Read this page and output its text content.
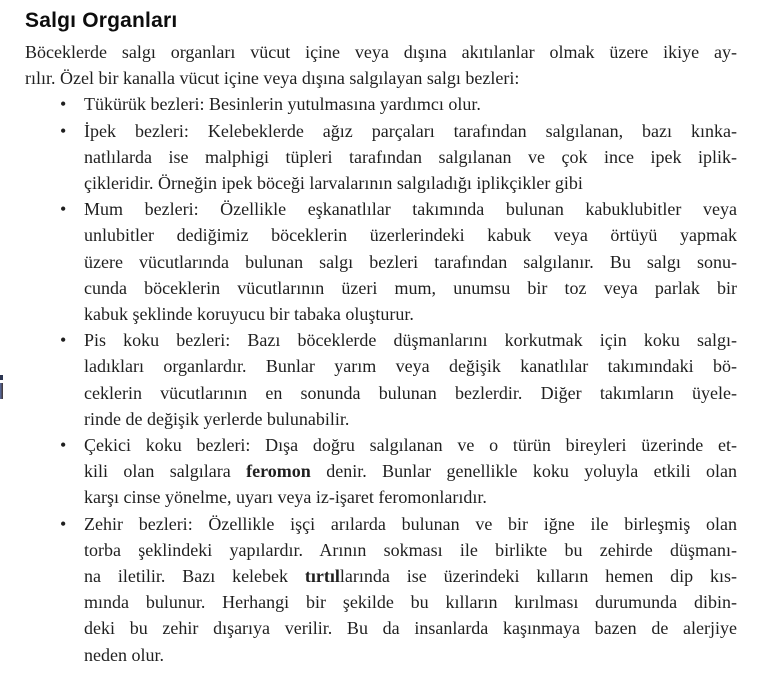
Salgı Organları
Böceklerde salgı organları vücut içine veya dışına akıtılanlar olmak üzere ikiye ay-
rılır. Özel bir kanalla vücut içine veya dışına salgılayan salgı bezleri:
• Tükürük bezleri: Besinlerin yutulmasına yardımcı olur.
• İpek bezleri: Kelebeklerde ağız parçaları tarafından salgılanan, bazı kınka-
natlılarda ise malphigi tüpleri tarafından salgılanan ve çok ince ipek iplik-
çikleridir. Örneğin ipek böceği larvalarının salgıladığı iplikçikler gibi
• Mum bezleri: Özellikle eşkanatlılar takımında bulunan kabuklubitler veya
unlubitler dediğimiz böceklerin üzerlerindeki kabuk veya örtüyü yapmak
üzere vücutlarında bulunan salgı bezleri tarafından salgılanır. Bu salgı sonu-
cunda böceklerin vücutlarının üzeri mum, unumsu bir toz veya parlak bir
kabuk şeklinde koruyucu bir tabaka oluşturur.
• Pis koku bezleri: Bazı böceklerde düşmanlarını korkutmak için koku salgı-
ladıkları organlardır. Bunlar yarım veya değişik kanatlılar takımındaki bö-
ceklerin vücutlarının en sonunda bulunan bezlerdir. Diğer takımların üyele-
rinde de değişik yerlerde bulunabilir.
• Çekici koku bezleri: Dışa doğru salgılanan ve o türün bireyleri üzerinde et-
kili olan salgılara feromon denir. Bunlar genellikle koku yoluyla etkili olan
karşı cinse yönelme, uyarı veya iz-işaret feromonlarıdır.
• Zehir bezleri: Özellikle işçi arılarda bulunan ve bir iğne ile birleşmiş olan
torba şeklindeki yapılardır. Arının sokması ile birlikte bu zehirde düşmanı-
na iletilir. Bazı kelebek tırtıllarında ise üzerindeki kılların hemen dip kıs-
mında bulunur. Herhangi bir şekilde bu kılların kırılması durumunda dibin-
deki bu zehir dışarıya verilir. Bu da insanlarda kaşınmaya bazen de alerjiye
neden olur.
